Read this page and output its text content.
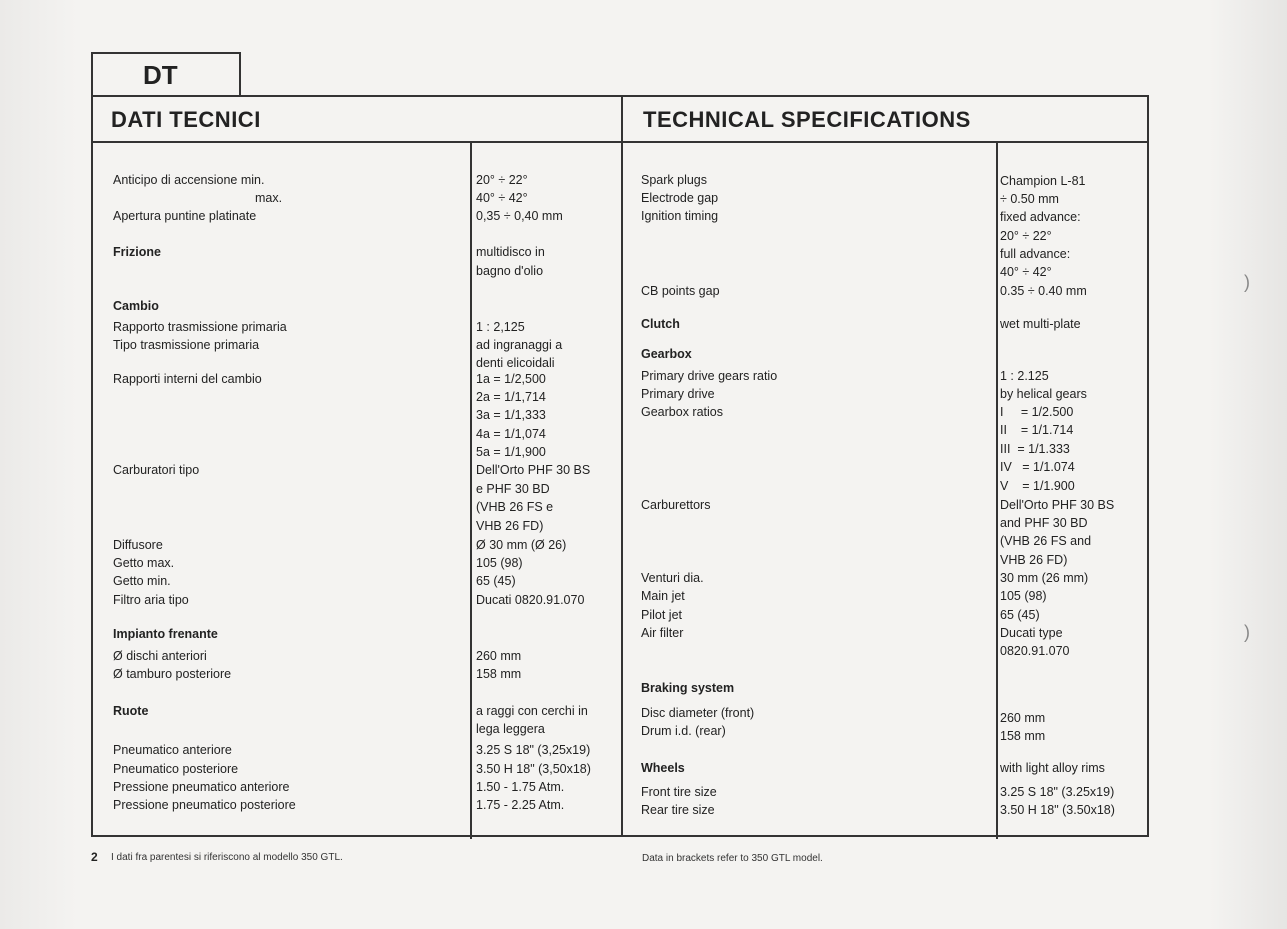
DT
DATI TECNICI	TECHNICAL SPECIFICATIONS
Anticipo di accensione min.
max.
Apertura puntine platinate
Frizione
Cambio
Rapporto trasmissione primaria
Tipo trasmissione primaria
Rapporti interni del cambio
Carburatori tipo
Diffusore
Getto max.
Getto min.
Filtro aria tipo
Impianto frenante
Ø dischi anteriori
Ø tamburo posteriore
Ruote
Pneumatico anteriore
Pneumatico posteriore
Pressione pneumatico anteriore
Pressione pneumatico posteriore
20° ÷ 22°
40° ÷ 42°
0,35 ÷ 0,40 mm
multidisco in
bagno d'olio
1 : 2,125
ad ingranaggi a
denti elicoidali
1a = 1/2,500
2a = 1/1,714
3a = 1/1,333
4a = 1/1,074
5a = 1/1,900
Dell'Orto PHF 30 BS
e PHF 30 BD
(VHB 26 FS e
VHB 26 FD)
Ø 30 mm (Ø 26)
105 (98)
65 (45)
Ducati 0820.91.070
260 mm
158 mm
a raggi con cerchi in
lega leggera
3.25 S 18" (3,25x19)
3.50 H 18" (3,50x18)
1.50 - 1.75 Atm.
1.75 - 2.25 Atm.
Spark plugs
Electrode gap
Ignition timing
CB points gap
Clutch
Gearbox
Primary drive gears ratio
Primary drive
Gearbox ratios
Carburettors
Venturi dia.
Main jet
Pilot jet
Air filter
Braking system
Disc diameter (front)
Drum i.d. (rear)
Wheels
Front tire size
Rear tire size
Champion L-81
÷ 0.50 mm
fixed advance:
20° ÷ 22°
full advance:
40° ÷ 42°
0.35 ÷ 0.40 mm
wet multi-plate
1 : 2.125
by helical gears
I     = 1/2.500
II    = 1/1.714
III  = 1/1.333
IV   = 1/1.074
V    = 1/1.900
Dell'Orto PHF 30 BS
and PHF 30 BD
(VHB 26 FS and
VHB 26 FD)
30 mm (26 mm)
105 (98)
65 (45)
Ducati type
0820.91.070
260 mm
158 mm
with light alloy rims
3.25 S 18" (3.25x19)
3.50 H 18" (3.50x18)
2 I dati fra parentesi si riferiscono al modello 350 GTL.	Data in brackets refer to 350 GTL model.
)
)
